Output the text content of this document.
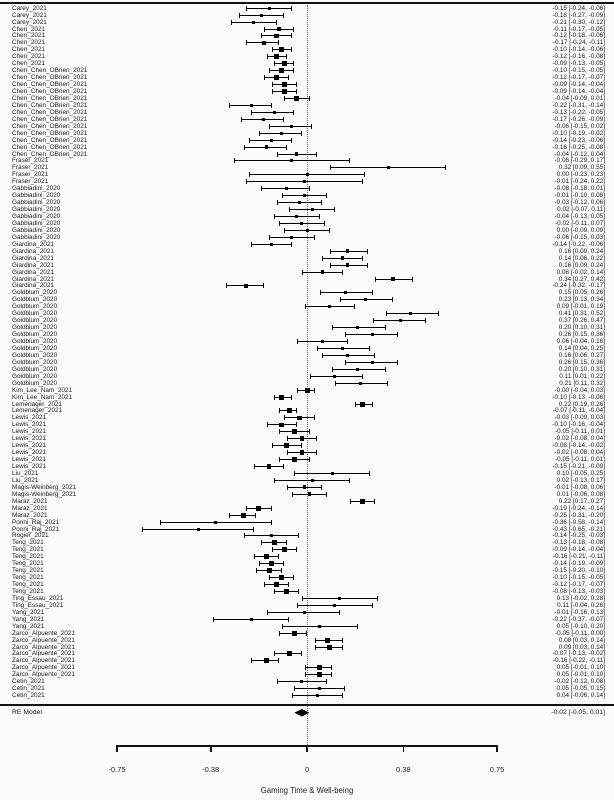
Carey_2021	-0.15 [-0.24, -0.06]
Carey_2021	-0.18 [-0.27, -0.09]
Carey_2021	-0.21 [-0.30, -0.12]
Chen_2021	-0.11 [-0.17, -0.05]
Chen_2021	-0.12 [-0.18, -0.06]
Chen_2021	-0.17 [-0.24, -0.11]
Chen_2021	-0.10 [-0.14, -0.06]
Chen_2021	-0.12 [-0.16, -0.08]
Chen_2021	-0.09 [-0.13, -0.05]
Chen_Chen_OBrien_2021	-0.10 [-0.15, -0.05]
Chen_Chen_OBrien_2021	-0.12 [-0.17, -0.07]
Chen_Chen_OBrien_2021	-0.09 [-0.14, -0.04]
Chen_Chen_OBrien_2021	-0.09 [-0.14, -0.04]
Chen_Chen_OBrien_2021	-0.04 [-0.09, 0.01]
Chen_Chen_OBrien_2021	-0.22 [-0.31, -0.14]
Chen_Chen_OBrien_2021	-0.13 [-0.22, -0.05]
Chen_Chen_OBrien_2021	-0.17 [-0.26, -0.09]
Chen_Chen_OBrien_2021	-0.06 [-0.15, 0.02]
Chen_Chen_OBrien_2021	-0.10 [-0.19, -0.02]
Chen_Chen_OBrien_2021	-0.14 [-0.23, -0.06]
Chen_Chen_OBrien_2021	-0.16 [-0.25, -0.08]
Chen_Chen_OBrien_2021	-0.04 [-0.12, 0.04]
Fraser_2021	-0.06 [-0.29, 0.17]
Fraser_2021	0.32 [0.09, 0.55]
Fraser_2021	0.00 [-0.23, 0.23]
Fraser_2021	-0.01 [-0.24, 0.22]
Gabbiadini_2020	-0.08 [-0.18, 0.01]
Gabbiadini_2020	-0.01 [-0.10, 0.08]
Gabbiadini_2020	-0.03 [-0.12, 0.06]
Gabbiadini_2020	0.02 [-0.07, 0.11]
Gabbiadini_2020	-0.04 [-0.13, 0.05]
Gabbiadini_2020	-0.02 [-0.11, 0.07]
Gabbiadini_2020	0.00 [-0.09, 0.09]
Gabbiadini_2020	-0.06 [-0.15, 0.03]
Giardina_2021	-0.14 [-0.22, -0.06]
Giardina_2021	0.16 [0.09, 0.24]
Giardina_2021	0.14 [0.06, 0.22]
Giardina_2021	0.16 [0.09, 0.24]
Giardina_2021	0.06 [-0.02, 0.14]
Giardina_2021	0.34 [0.27, 0.42]
Giardina_2021	-0.24 [-0.32, -0.17]
Goldblum_2020	0.15 [0.05, 0.26]
Goldblum_2020	0.23 [0.13, 0.34]
Goldblum_2020	0.09 [-0.01, 0.19]
Goldblum_2020	0.41 [0.31, 0.52]
Goldblum_2020	0.37 [0.26, 0.47]
Goldblum_2020	0.20 [0.10, 0.31]
Goldblum_2020	0.26 [0.15, 0.36]
Goldblum_2020	0.06 [-0.04, 0.16]
Goldblum_2020	0.14 [0.04, 0.25]
Goldblum_2020	0.16 [0.06, 0.27]
Goldblum_2020	0.26 [0.15, 0.36]
Goldblum_2020	0.20 [0.10, 0.31]
Goldblum_2020	0.11 [0.01, 0.22]
Goldblum_2020	0.21 [0.11, 0.32]
Kim_Lee_Nam_2021	-0.00 [-0.04, 0.03]
Kim_Lee_Nam_2021	-0.10 [-0.13, -0.06]
Lemenager_2021	0.22 [0.19, 0.26]
Lemenager_2021	-0.07 [-0.11, -0.04]
Lewis_2021	-0.03 [-0.09, 0.03]
Lewis_2021	-0.10 [-0.16, -0.04]
Lewis_2021	-0.05 [-0.11, 0.01]
Lewis_2021	-0.02 [-0.08, 0.04]
Lewis_2021	-0.08 [-0.14, -0.02]
Lewis_2021	-0.02 [-0.08, 0.04]
Lewis_2021	-0.05 [-0.11, 0.01]
Lewis_2021	-0.15 [-0.21, -0.09]
Liu_2021	0.10 [-0.05, 0.25]
Liu_2021	0.02 [-0.13, 0.17]
Magis-Weinberg_2021	-0.01 [-0.08, 0.06]
Magis-Weinberg_2021	0.01 [-0.06, 0.08]
Maraz_2021	0.22 [0.17, 0.27]
Maraz_2021	-0.19 [-0.24, -0.14]
Maraz_2021	-0.25 [-0.31, -0.20]
Ponni_Raj_2021	-0.36 [-0.58, -0.14]
Ponni_Raj_2021	-0.43 [-0.65, -0.21]
Rogier_2021	-0.14 [-0.25, -0.03]
Teng_2021	-0.13 [-0.18, -0.08]
Teng_2021	-0.09 [-0.14, -0.04]
Teng_2021	-0.16 [-0.21, -0.11]
Teng_2021	-0.14 [-0.19, -0.09]
Teng_2021	-0.15 [-0.20, -0.10]
Teng_2021	-0.10 [-0.15, -0.05]
Teng_2021	-0.12 [-0.17, -0.07]
Teng_2021	-0.08 [-0.13, -0.03]
Ting_Essau_2021	0.13 [-0.02, 0.28]
Ting_Essau_2021	0.11 [-0.04, 0.26]
Yang_2021	-0.01 [-0.16, 0.13]
Yang_2021	-0.22 [-0.37, -0.07]
Yang_2021	0.05 [-0.10, 0.20]
Zarco_Alpuente_2021	-0.05 [-0.11, 0.00]
Zarco_Alpuente_2021	0.08 [0.03, 0.14]
Zarco_Alpuente_2021	0.09 [0.03, 0.14]
Zarco_Alpuente_2021	-0.07 [-0.13, -0.02]
Zarco_Alpuente_2021	-0.16 [-0.22, -0.11]
Zarco_Alpuente_2021	0.05 [-0.01, 0.10]
Zarco_Alpuente_2021	0.05 [-0.01, 0.10]
Cetin_2021	-0.02 [-0.12, 0.08]
Cetin_2021	0.05 [-0.05, 0.15]
Cetin_2021	0.04 [-0.06, 0.14]
RE Model	-0.02 [-0.05, 0.01]
-0.75	-0.38	0	0.38	0.75
Gaming Time & Well-being
